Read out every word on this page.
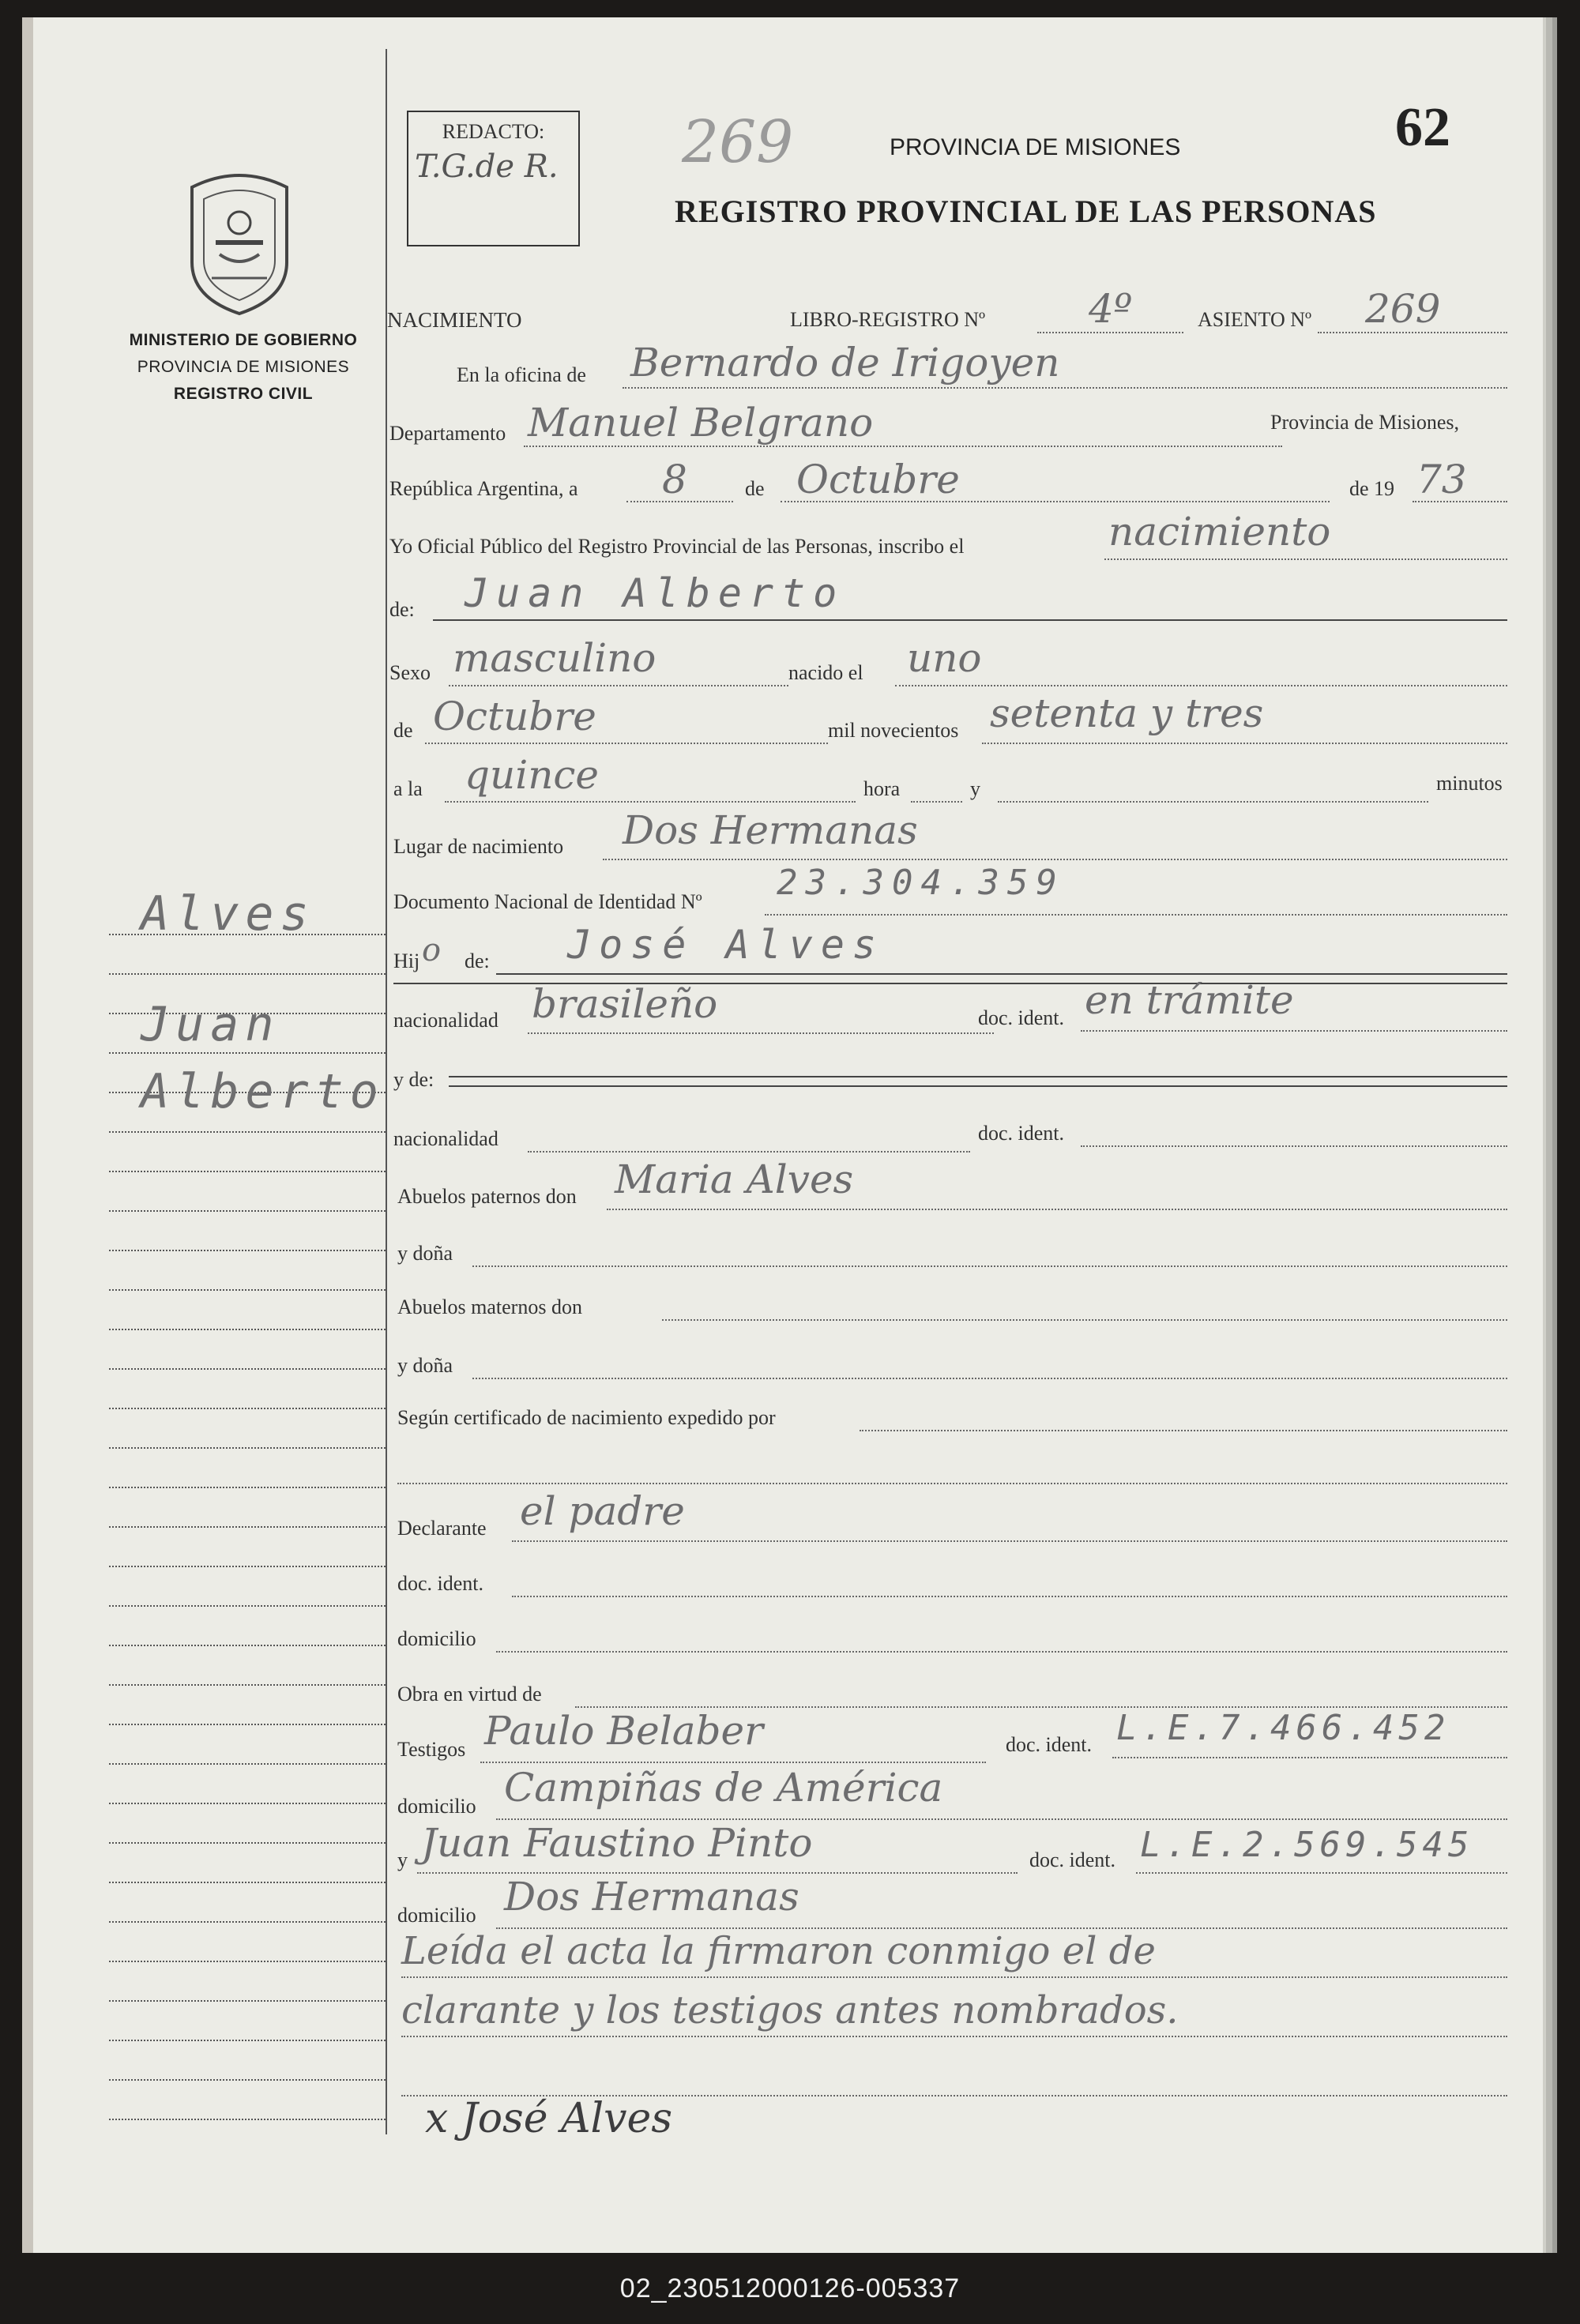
MINISTERIO DE GOBIERNO
PROVINCIA DE MISIONES
REGISTRO CIVIL
Alves
Juan
Alberto
REDACTO:
T.G.de R.	269	PROVINCIA DE MISIONES	62
REGISTRO PROVINCIAL DE LAS PERSONAS
NACIMIENTO	LIBRO-REGISTRO Nº	4º	ASIENTO Nº 269
En la oficina de Bernardo de Irigoyen
Departamento Manuel Belgrano	Provincia de Misiones,
República Argentina, a 8	de Octubre	de 19 73
Yo Oficial Público del Registro Provincial de las Personas, inscribo el	nacimiento
de: Juan Alberto
Sexo masculino	nacido el uno
de Octubre	mil novecientos setenta y tres
a la quince	hora	y	minutos
Lugar de nacimiento Dos Hermanas
Documento Nacional de Identidad Nº 23.304.359
Hij o de: José Alves
nacionalidad brasileño	doc. ident. en trámite
y de:
nacionalidad	doc. ident.
Abuelos paternos don Maria Alves
y doña
Abuelos maternos don
y doña
Según certificado de nacimiento expedido por
Declarante el padre
doc. ident.
domicilio
Obra en virtud de
Testigos Paulo Belaber	doc. ident. L.E.7.466.452
domicilio Campiñas de América
y Juan Faustino Pinto	doc. ident. L.E.2.569.545
domicilio Dos Hermanas
Leída el acta la firmaron conmigo el de
clarante y los testigos antes nombrados.
x José Alves
02_230512000126-005337
